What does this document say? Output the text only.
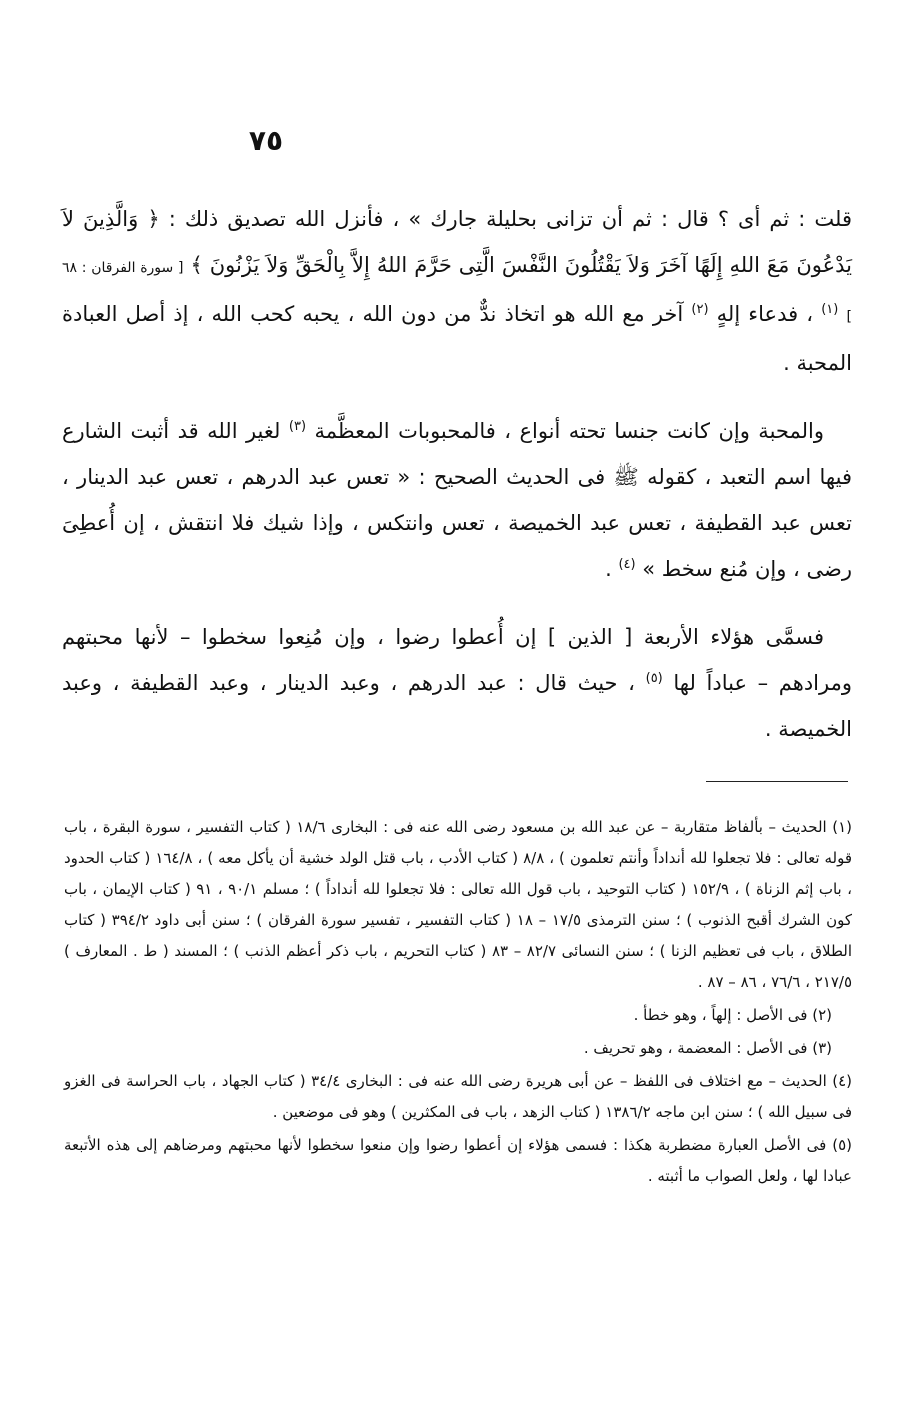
٧٥

قلت : ثم أى ؟ قال : ثم أن تزانى بحليلة جارك » ، فأنزل الله تصديق ذلك : ﴿ وَالَّذِينَ لاَ يَدْعُونَ مَعَ اللهِ إِلَهًا آخَرَ وَلاَ يَقْتُلُونَ النَّفْسَ الَّتِى حَرَّمَ اللهُ إِلاَّ بِالْحَقِّ وَلاَ يَزْنُونَ ﴾ [ سورة الفرقان : ٦٨ ] $^{(١)}$ ، فدعاء إلهٍ $^{(٢)}$ آخر مع الله هو اتخاذ ندٌّ من دون الله ، يحبه كحب الله ، إذ أصل العبادة المحبة .

والمحبة وإن كانت جنسا تحته أنواع ، فالمحبوبات المعظَّمة $^{(٣)}$ لغير الله قد أثبت الشارع فيها اسم التعبد ، كقوله ﷺ فى الحديث الصحيح : « تعس عبد الدرهم ، تعس عبد الدينار ، تعس عبد القطيفة ، تعس عبد الخميصة ، تعس وانتكس ، وإذا شيك فلا انتقش ، إن أُعطِىَ رضى ، وإن مُنع سخط » $^{(٤)}$ .

فسمَّى هؤلاء الأربعة [ الذين ] إن أُعطوا رضوا ، وإن مُنِعوا سخطوا – لأنها محبتهم ومرادهم – عباداً لها $^{(٥)}$ ، حيث قال : عبد الدرهم ، وعبد الدينار ، وعبد القطيفة ، وعبد الخميصة .

(١) الحديث – بألفاظ متقاربة – عن عبد الله بن مسعود رضى الله عنه فى : البخارى ١٨/٦ ( كتاب التفسير ، سورة البقرة ، باب قوله تعالى : فلا تجعلوا لله أنداداً وأنتم تعلمون ) ، ٨/٨ ( كتاب الأدب ، باب قتل الولد خشية أن يأكل معه ) ، ١٦٤/٨ ( كتاب الحدود ، باب إثم الزناة ) ، ١٥٢/٩ ( كتاب التوحيد ، باب قول الله تعالى : فلا تجعلوا لله أنداداً ) ؛ مسلم ٩٠/١ ، ٩١ ( كتاب الإيمان ، باب كون الشرك أقبح الذنوب ) ؛ سنن الترمذى ١٧/٥ – ١٨ ( كتاب التفسير ، تفسير سورة الفرقان ) ؛ سنن أبى داود ٣٩٤/٢ ( كتاب الطلاق ، باب فى تعظيم الزنا ) ؛ سنن النسائى ٨٢/٧ – ٨٣ ( كتاب التحريم ، باب ذكر أعظم الذنب ) ؛ المسند ( ط . المعارف ) ٢١٧/٥ ، ٧٦/٦ ، ٨٦ – ٨٧ .

(٢) فى الأصل : إلهاً ، وهو خطأ .

(٣) فى الأصل : المعضمة ، وهو تحريف .

(٤) الحديث – مع اختلاف فى اللفظ – عن أبى هريرة رضى الله عنه فى : البخارى ٣٤/٤ ( كتاب الجهاد ، باب الحراسة فى الغزو فى سبيل الله ) ؛ سنن ابن ماجه ١٣٨٦/٢ ( كتاب الزهد ، باب فى المكثرين ) وهو فى موضعين .

(٥) فى الأصل العبارة مضطربة هكذا : فسمى هؤلاء إن أعطوا رضوا وإن منعوا سخطوا لأنها محبتهم ومرضاهم إلى هذه الأتبعة عبادا لها ، ولعل الصواب ما أثبته .
